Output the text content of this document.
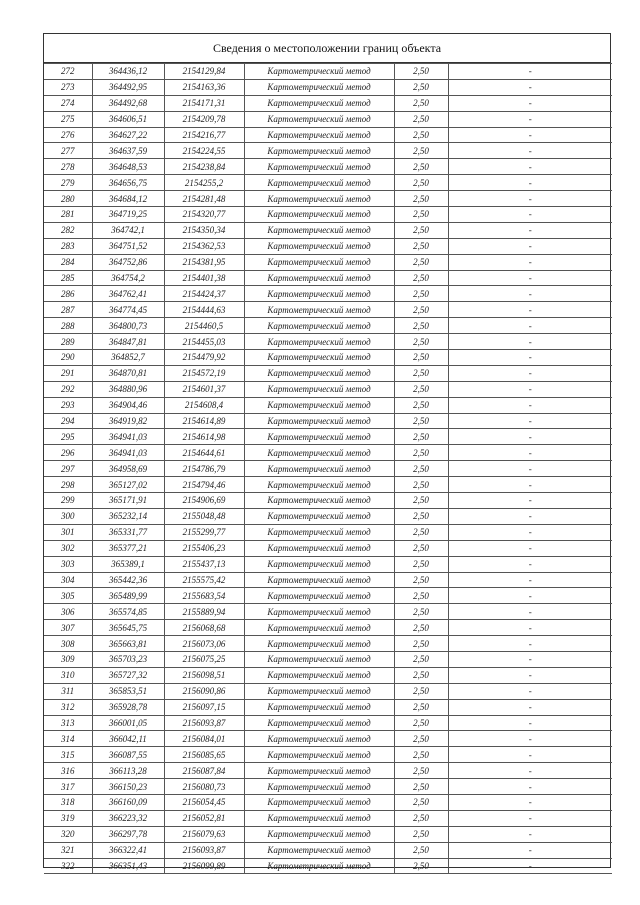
Сведения о местоположении границ объекта
272	364436,12	2154129,84	Картометрический метод	2,50	-
273	364492,95	2154163,36	Картометрический метод	2,50	-
274	364492,68	2154171,31	Картометрический метод	2,50	-
275	364606,51	2154209,78	Картометрический метод	2,50	-
276	364627,22	2154216,77	Картометрический метод	2,50	-
277	364637,59	2154224,55	Картометрический метод	2,50	-
278	364648,53	2154238,84	Картометрический метод	2,50	-
279	364656,75	2154255,2	Картометрический метод	2,50	-
280	364684,12	2154281,48	Картометрический метод	2,50	-
281	364719,25	2154320,77	Картометрический метод	2,50	-
282	364742,1	2154350,34	Картометрический метод	2,50	-
283	364751,52	2154362,53	Картометрический метод	2,50	-
284	364752,86	2154381,95	Картометрический метод	2,50	-
285	364754,2	2154401,38	Картометрический метод	2,50	-
286	364762,41	2154424,37	Картометрический метод	2,50	-
287	364774,45	2154444,63	Картометрический метод	2,50	-
288	364800,73	2154460,5	Картометрический метод	2,50	-
289	364847,81	2154455,03	Картометрический метод	2,50	-
290	364852,7	2154479,92	Картометрический метод	2,50	-
291	364870,81	2154572,19	Картометрический метод	2,50	-
292	364880,96	2154601,37	Картометрический метод	2,50	-
293	364904,46	2154608,4	Картометрический метод	2,50	-
294	364919,82	2154614,89	Картометрический метод	2,50	-
295	364941,03	2154614,98	Картометрический метод	2,50	-
296	364941,03	2154644,61	Картометрический метод	2,50	-
297	364958,69	2154786,79	Картометрический метод	2,50	-
298	365127,02	2154794,46	Картометрический метод	2,50	-
299	365171,91	2154906,69	Картометрический метод	2,50	-
300	365232,14	2155048,48	Картометрический метод	2,50	-
301	365331,77	2155299,77	Картометрический метод	2,50	-
302	365377,21	2155406,23	Картометрический метод	2,50	-
303	365389,1	2155437,13	Картометрический метод	2,50	-
304	365442,36	2155575,42	Картометрический метод	2,50	-
305	365489,99	2155683,54	Картометрический метод	2,50	-
306	365574,85	2155889,94	Картометрический метод	2,50	-
307	365645,75	2156068,68	Картометрический метод	2,50	-
308	365663,81	2156073,06	Картометрический метод	2,50	-
309	365703,23	2156075,25	Картометрический метод	2,50	-
310	365727,32	2156098,51	Картометрический метод	2,50	-
311	365853,51	2156090,86	Картометрический метод	2,50	-
312	365928,78	2156097,15	Картометрический метод	2,50	-
313	366001,05	2156093,87	Картометрический метод	2,50	-
314	366042,11	2156084,01	Картометрический метод	2,50	-
315	366087,55	2156085,65	Картометрический метод	2,50	-
316	366113,28	2156087,84	Картометрический метод	2,50	-
317	366150,23	2156080,73	Картометрический метод	2,50	-
318	366160,09	2156054,45	Картометрический метод	2,50	-
319	366223,32	2156052,81	Картометрический метод	2,50	-
320	366297,78	2156079,63	Картометрический метод	2,50	-
321	366322,41	2156093,87	Картометрический метод	2,50	-
322	366351,43	2156099,89	Картометрический метод	2,50	-
